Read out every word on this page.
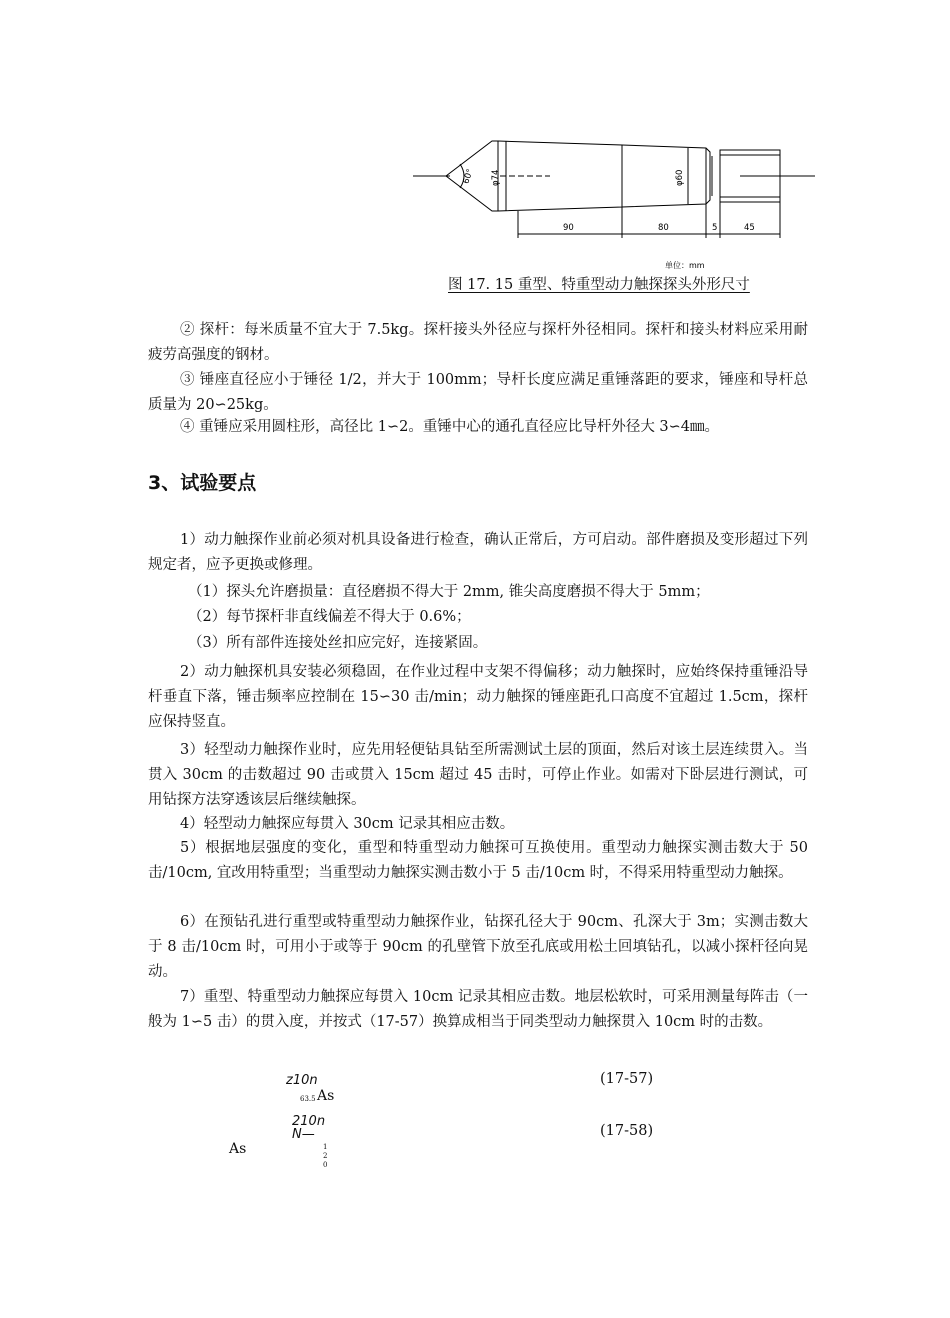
60° φ74	φ60
90	80	5	45
单位：mm
图 17. 15 重型、特重型动力触探探头外形尺寸

② 探杆：每米质量不宜大于 7.5kg。探杆接头外径应与探杆外径相同。探杆和接头材料应采用耐疲劳高强度的钢材。

③ 锤座直径应小于锤径 1/2，并大于 100mm；导杆长度应满足重锤落距的要求，锤座和导杆总质量为 20∽25kg。

④ 重锤应采用圆柱形，高径比 1∽2。重锤中心的通孔直径应比导杆外径大 3∽4㎜。

3、试验要点

1）动力触探作业前必须对机具设备进行检查，确认正常后，方可启动。部件磨损及变形超过下列规定者，应予更换或修理。

（1）探头允许磨损量：直径磨损不得大于 2mm, 锥尖高度磨损不得大于 5mm；

（2）每节探杆非直线偏差不得大于 0.6%；

（3）所有部件连接处丝扣应完好，连接紧固。

2）动力触探机具安装必须稳固，在作业过程中支架不得偏移；动力触探时，应始终保持重锤沿导杆垂直下落，锤击频率应控制在 15∽30 击/min；动力触探的锤座距孔口高度不宜超过 1.5cm，探杆应保持竖直。

3）轻型动力触探作业时，应先用轻便钻具钻至所需测试土层的顶面，然后对该土层连续贯入。当贯入 30cm 的击数超过 90 击或贯入 15cm 超过 45 击时，可停止作业。如需对下卧层进行测试，可用钻探方法穿透该层后继续触探。

4）轻型动力触探应每贯入 30cm 记录其相应击数。

5）根据地层强度的变化，重型和特重型动力触探可互换使用。重型动力触探实测击数大于 50 击/10cm, 宜改用特重型；当重型动力触探实测击数小于 5 击/10cm 时，不得采用特重型动力触探。

6）在预钻孔进行重型或特重型动力触探作业，钻探孔径大于 90cm、孔深大于 3m；实测击数大于 8 击/10cm 时，可用小于或等于 90cm 的孔壁管下放至孔底或用松土回填钻孔，以减小探杆径向晃动。

7）重型、特重型动力触探应每贯入 10cm 记录其相应击数。地层松软时，可采用测量每阵击（一般为 1∽5 击）的贯入度，并按式（17-57）换算成相当于同类型动力触探贯入 10cm 时的击数。

z10n
63.5 As
(17-57)
210n
N—
As	1
2
0
(17-58)
